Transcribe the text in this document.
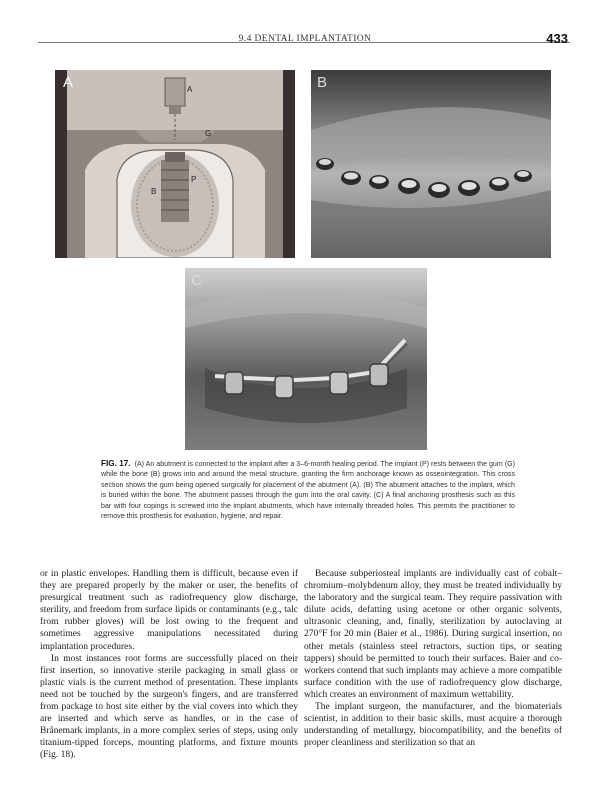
9.4 DENTAL IMPLANTATION	433
A
G
P
B
A	B
C
FIG. 17. (A) An abutment is connected to the implant after a 3–6-month healing period. The implant (P) rests between the gum (G) while the bone (B) grows into and around the metal structure, granting the firm anchorage known as osseointegration. This cross section shows the gum being opened surgically for placement of the abutment (A). (B) The abutment attaches to the implant, which is buried within the bone. The abutment passes through the gum into the oral cavity. (C) A final anchoring prosthesis such as this bar with four copings is screwed into the implant abutments, which have internally threaded holes. This permits the practitioner to remove this prosthesis for evaluation, hygiene, and repair.

or in plastic envelopes. Handling them is difficult, because even if they are prepared properly by the maker or user, the benefits of presurgical treatment such as radiofrequency glow discharge, sterility, and freedom from surface lipids or contaminants (e.g., talc from rubber gloves) will be lost owing to the frequent and sometimes aggressive manipulations necessitated during implantation procedures.

In most instances root forms are successfully placed on their first insertion, so innovative sterile packaging in small glass or plastic vials is the current method of presentation. These implants need not be touched by the surgeon's fingers, and are transferred from package to host site either by the vial covers into which they are inserted and which serve as handles, or in the case of Brånemark implants, in a more complex series of steps, using only titanium-tipped forceps, mounting platforms, and fixture mounts (Fig. 18).

Because subperiosteal implants are individually cast of cobalt–chromium–molybdenum alloy, they must be treated individually by the laboratory and the surgical team. They require passivation with dilute acids, defatting using acetone or other organic solvents, ultrasonic cleaning, and, finally, sterilization by autoclaving at 270°F for 20 min (Baier et al., 1986). During surgical insertion, no other metals (stainless steel retractors, suction tips, or seating tappers) should be permitted to touch their surfaces. Baier and co-workers contend that such implants may achieve a more compatible surface condition with the use of radiofrequency glow discharge, which creates an environment of maximum wettability.

The implant surgeon, the manufacturer, and the biomaterials scientist, in addition to their basic skills, must acquire a thorough understanding of metallurgy, biocompatibility, and the benefits of proper cleanliness and sterilization so that an
